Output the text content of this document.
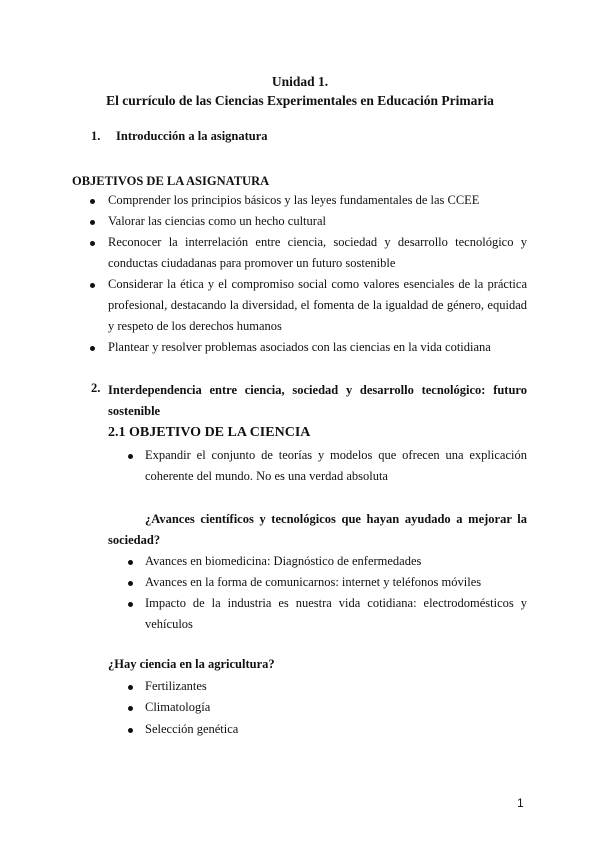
Unidad 1.
El currículo de las Ciencias Experimentales en Educación Primaria
1. Introducción a la asignatura
OBJETIVOS DE LA ASIGNATURA
Comprender los principios básicos y las leyes fundamentales de las CCEE
Valorar las ciencias como un hecho cultural
Reconocer la interrelación entre ciencia, sociedad y desarrollo tecnológico y conductas ciudadanas para promover un futuro sostenible
Considerar la ética y el compromiso social como valores esenciales de la práctica profesional, destacando la diversidad, el fomenta de la igualdad de género, equidad y respeto de los derechos humanos
Plantear y resolver problemas asociados con las ciencias en la vida cotidiana
2. Interdependencia entre ciencia, sociedad y desarrollo tecnológico: futuro sostenible
2.1 OBJETIVO DE LA CIENCIA
Expandir el conjunto de teorías y modelos que ofrecen una explicación coherente del mundo. No es una verdad absoluta
¿Avances científicos y tecnológicos que hayan ayudado a mejorar la sociedad?
Avances en biomedicina: Diagnóstico de enfermedades
Avances en la forma de comunicarnos: internet y teléfonos móviles
Impacto de la industria es nuestra vida cotidiana: electrodomésticos y vehículos
¿Hay ciencia en la agricultura?
Fertilizantes
Climatología
Selección genética
1
